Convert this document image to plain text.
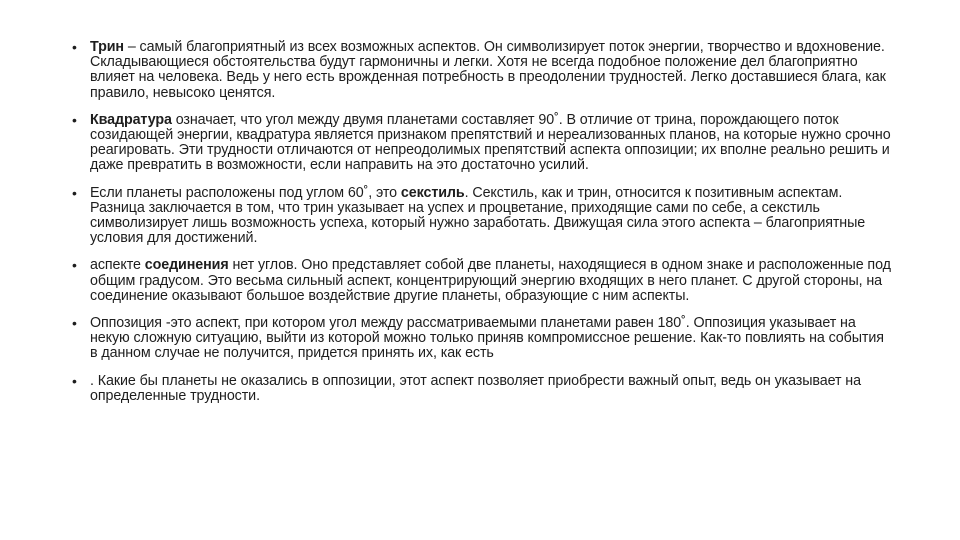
• Трин – самый благоприятный из всех возможных аспектов. Он символизирует поток энергии, творчество и вдохновение. Складывающиеся обстоятельства будут гармоничны и легки. Хотя не всегда подобное положение дел благоприятно влияет на человека. Ведь у него есть врожденная потребность в преодолении трудностей. Легко доставшиеся блага, как правило, невысоко ценятся.
• Квадратура означает, что угол между двумя планетами составляет 90˚. В отличие от трина, порождающего поток созидающей энергии, квадратура является признаком препятствий и нереализованных планов, на которые нужно срочно реагировать. Эти трудности отличаются от непреодолимых препятствий аспекта оппозиции; их вполне реально решить и даже превратить в возможности, если направить на это достаточно усилий.
• Если планеты расположены под углом 60˚, это секстиль. Секстиль, как и трин, относится к позитивным аспектам. Разница заключается в том, что трин указывает на успех и процветание, приходящие сами по себе, а секстиль символизирует лишь возможность успеха, который нужно заработать. Движущая сила этого аспекта – благоприятные условия для достижений.
• аспекте соединения нет углов. Оно представляет собой две планеты, находящиеся в одном знаке и расположенные под общим градусом. Это весьма сильный аспект, концентрирующий энергию входящих в него планет. С другой стороны, на соединение оказывают большое воздействие другие планеты, образующие с ним аспекты.
• Оппозиция -это аспект, при котором угол между рассматриваемыми планетами равен 180˚. Оппозиция указывает на некую сложную ситуацию, выйти из которой можно только приняв компромиссное решение. Как-то повлиять на события в данном случае не получится, придется принять их, как есть
• . Какие бы планеты не оказались в оппозиции, этот аспект позволяет приобрести важный опыт, ведь он указывает на определенные трудности.
